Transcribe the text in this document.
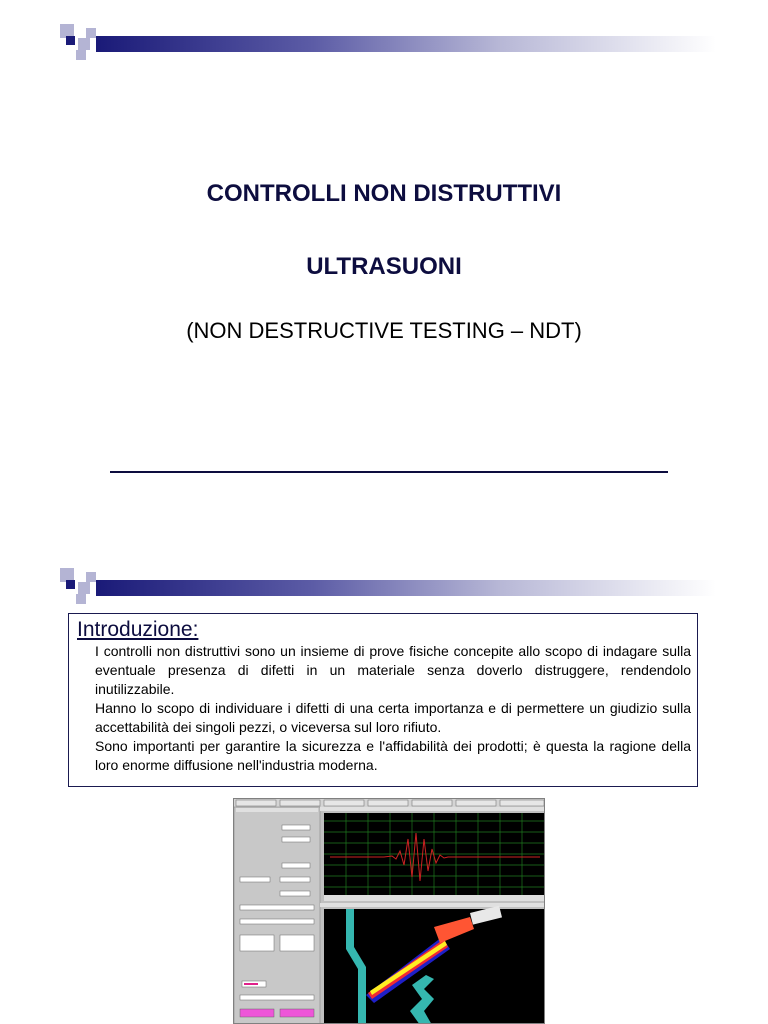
CONTROLLI NON DISTRUTTIVI
ULTRASUONI
(NON DESTRUCTIVE TESTING – NDT)
Introduzione:

I controlli non distruttivi sono un insieme di prove fisiche concepite allo scopo di indagare sulla eventuale presenza di difetti in un materiale senza doverlo distruggere, rendendolo inutilizzabile.

Hanno lo scopo di individuare i difetti di una certa importanza e di permettere un giudizio sulla accettabilità dei singoli pezzi, o viceversa sul loro rifiuto.

Sono importanti per garantire la sicurezza e l'affidabilità dei prodotti; è questa la ragione della loro enorme diffusione nell'industria moderna.
